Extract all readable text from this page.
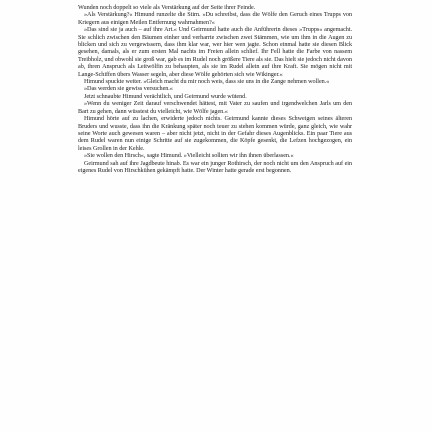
Wunden noch doppelt so viele als Verstärkung auf der Seite ihrer Feinde.

»Als Verstärkung?« Himund runzelte die Stirn. »Du schreibst, dass die Wölfe den Geruch eines Trupps von Kriegern aus einigen Meilen Entfernung wahrnahmen?«

»Das sind sie ja auch – auf ihre Art.« Und Geirmund hatte auch die Anführerin dieses »Trupps« angemacht. Sie schlich zwischen den Bäumen einher und verharrte zwischen zwei Stämmen, wie um ihm in die Augen zu blicken und sich zu vergewissern, dass ihm klar war, wer hier wen jagte. Schon einmal hatte sie diesen Blick gesehen, damals, als er zum ersten Mal nachts im Freien allein schlief. Ihr Fell hatte die Farbe von nassem Treibholz, und obwohl sie groß war, gab es im Rudel noch größere Tiere als sie. Das hielt sie jedoch nicht davon ab, ihren Anspruch als Leitwölfin zu behaupten, als sie im Rudel allein auf ihre Kraft. Sie mögen nicht mit Lange-Schiffen übers Wasser segeln, aber diese Wölfe gehörten sich wie Wikinger.«

Himund spuckte weiter. »Gleich macht du mir noch weis, dass sie uns in die Zange nehmen wollen.«

»Das werden sie gewiss versuchen.«

Jetzt schnaubte Himund verächtlich, und Geirmund wurde wütend.

»Wenn du weniger Zeit darauf verschwendet hättest, mit Vater zu saufen und irgendwelchen Jarls um den Bart zu gehen, dann wüsstest du vielleicht, wie Wölfe jagen.«

Himund hörte auf zu lachen, erwiderte jedoch nichts. Geirmund kannte dieses Schweigen seines älteren Bruders und wusste, dass ihn die Kränkung später noch teuer zu stehen kommen würde, ganz gleich, wie wahr seine Worte auch gewesen waren – aber nicht jetzt, nicht in der Gefahr dieses Augenblicks. Ein paar Tiere aus dem Rudel waren nun einige Schritte auf sie zugekommen, die Köpfe gesenkt, die Lefzen hochgezogen, ein leises Grollen in der Kehle.

»Sie wollen den Hirsch«, sagte Himund. »Vielleicht sollten wir ihn ihnen überlassen.«

Geirmund sah auf ihre Jagdbeute hinab. Es war ein junger Rothirsch, der noch nicht um den Anspruch auf ein eigenes Rudel von Hirschkühen gekämpft hatte. Der Winter hatte gerade erst begonnen.
